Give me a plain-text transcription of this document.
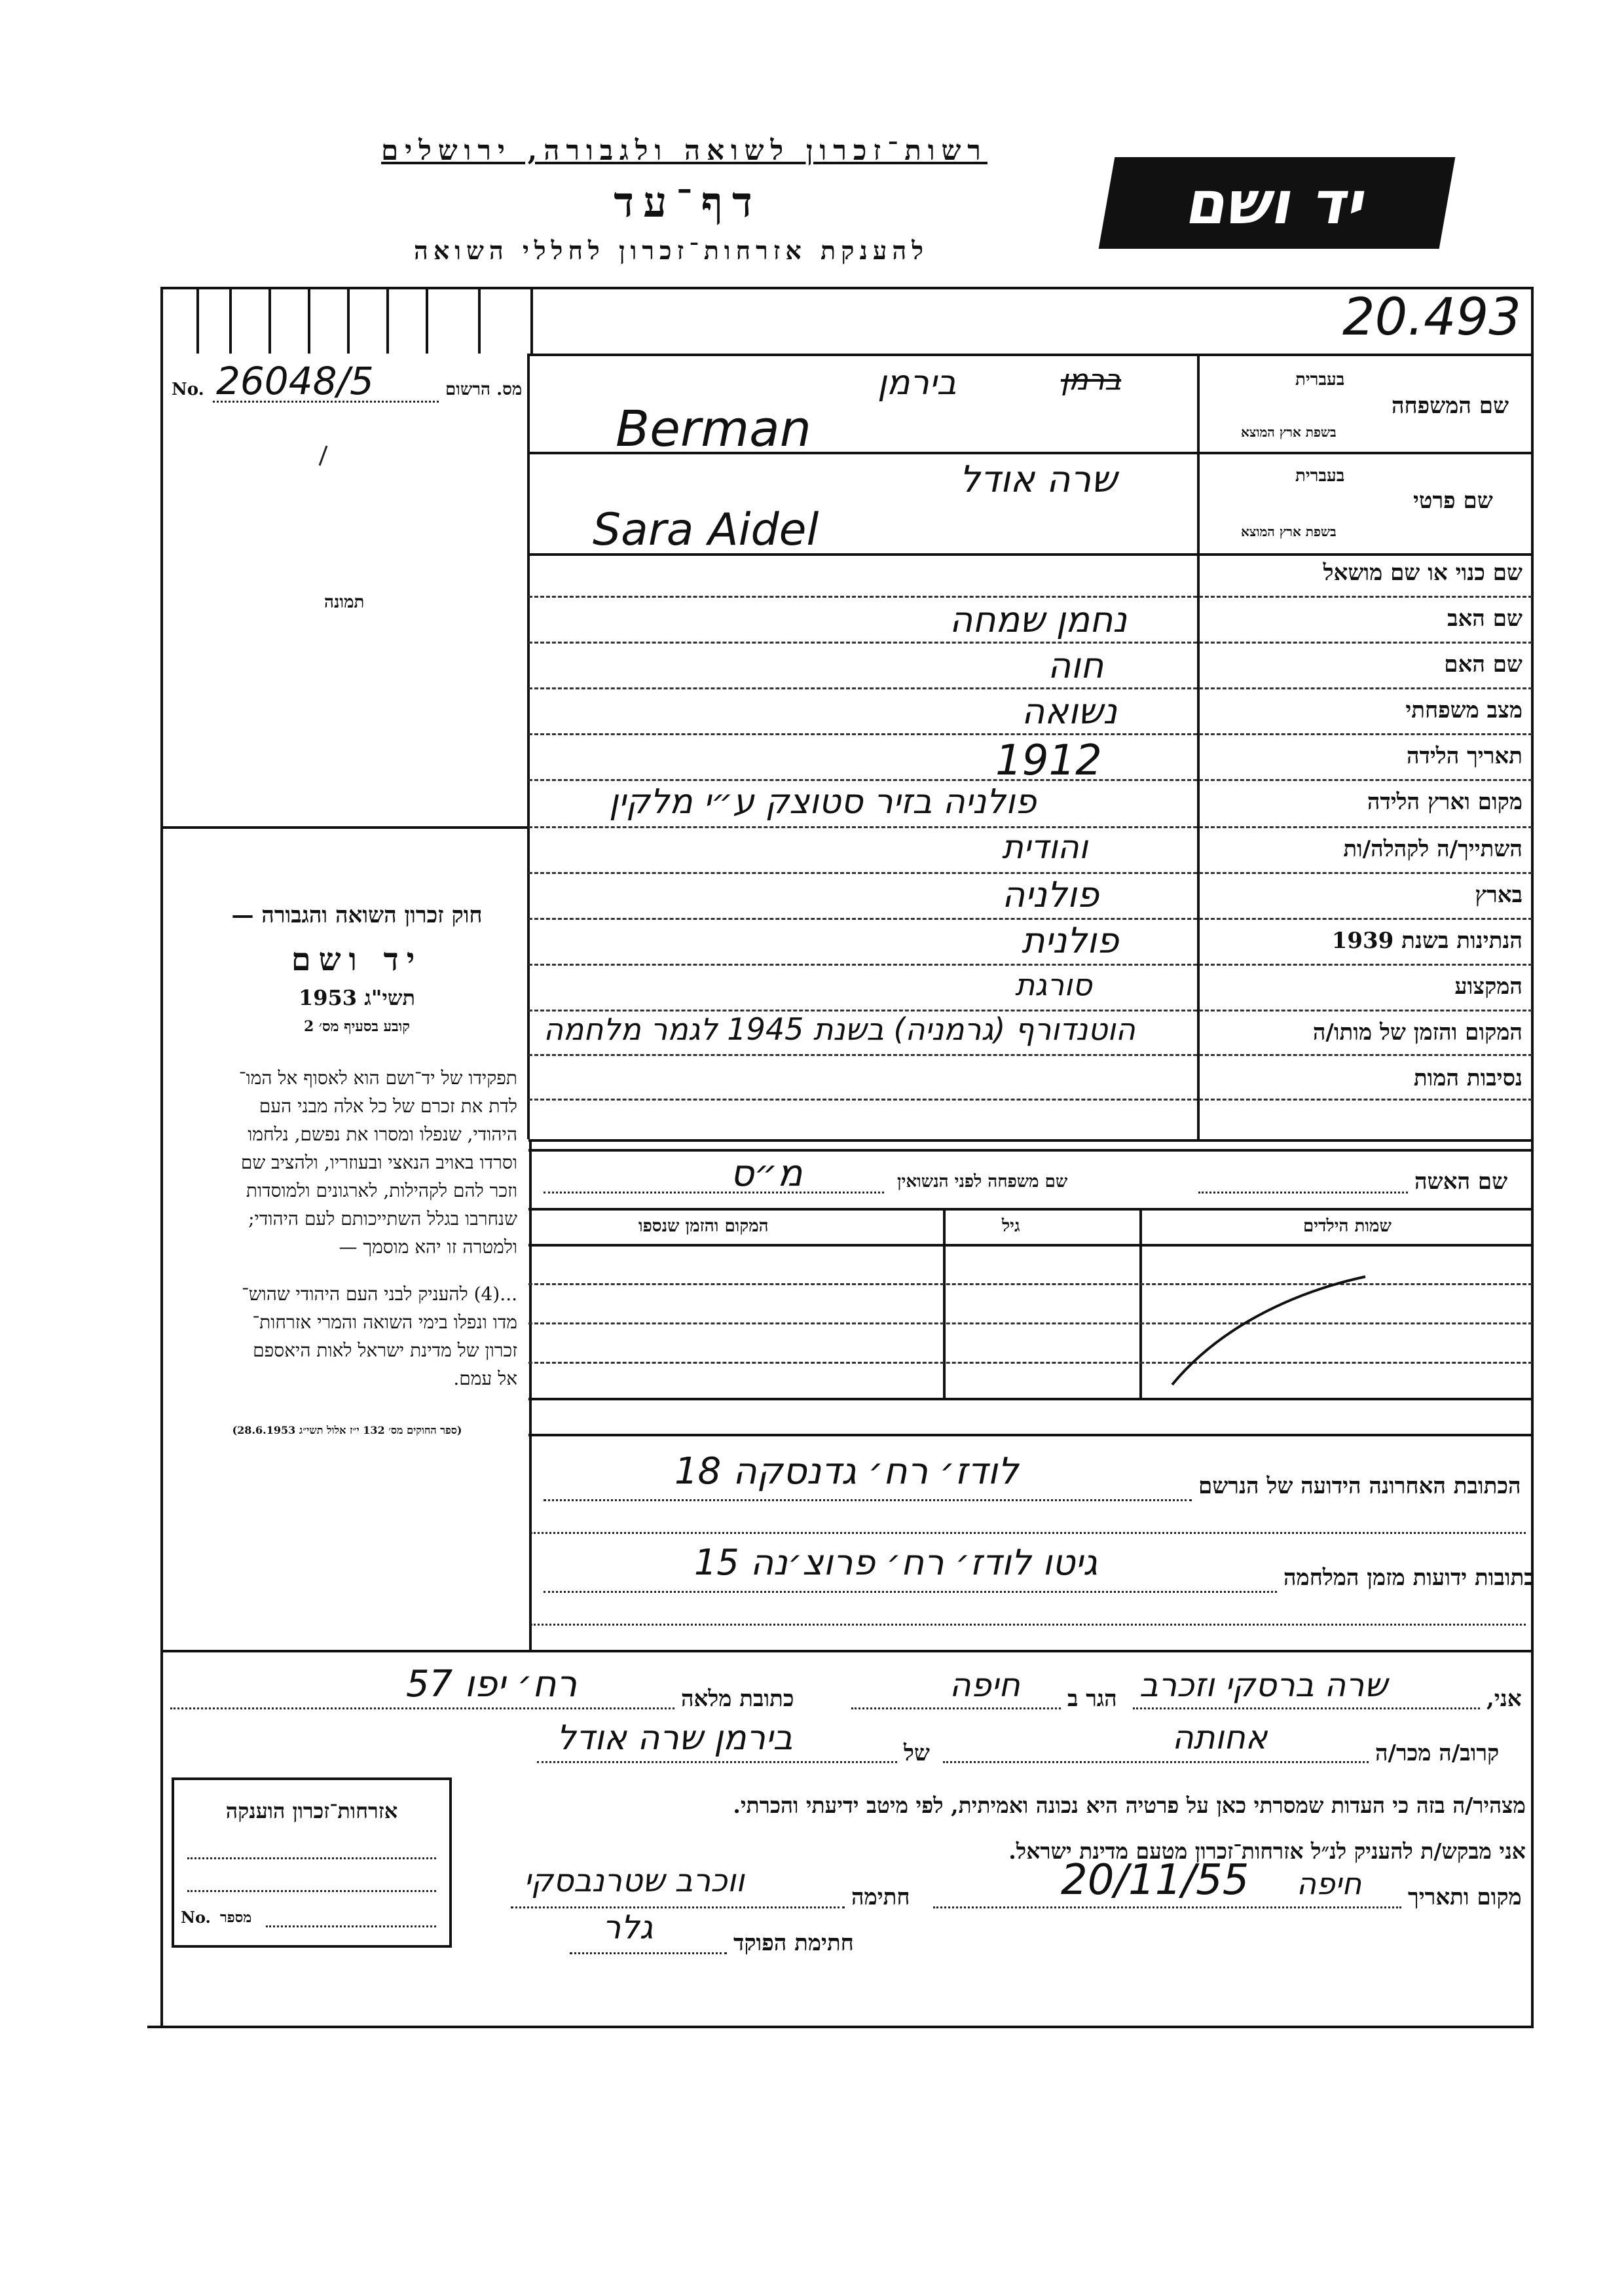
רשות־זכרון לשואה ולגבורה, ירושלים
דף־עד
להענקת אזרחות־זכרון לחללי השואה
יד ושם
20.493
מס. הרשום
No. 26048/5
תמונה
חוק זכרון השואה והגבורה —
יד ושם
תשי"ג 1953
קובע בסעיף מס׳ 2
תפקידו של יד־ושם הוא לאסוף אל המו־
לדת את זכרם של כל אלה מבני העם
היהודי, שנפלו ומסרו את נפשם, נלחמו
וסרדו באויב הנאצי ובעוזריו, ולהציב שם
וזכר להם לקהילות, לארגונים ולמוסדות
שנחרבו בגלל השתייכותם לעם היהודי;
ולמטרה זו יהא מוסמך —
...(4) להעניק לבני העם היהודי שהוש־
מדו ונפלו בימי השואה והמרי אזרחות־
זכרון של מדינת ישראל לאות היאספם
אל עמם.
(ספר החוקים מס׳ 132 י״ז אלול תשי״ג 28.6.1953)
שם המשפחה
בעברית
בשפת ארץ המוצא
בירמן	ברמן
Berman
שם פרטי
בעברית
בשפת ארץ המוצא
שרה אודל
Sara Aidel
שם כנוי או שם מושאל
שם האב
נחמן שמחה
שם האם
חוה
מצב משפחתי
נשואה
תאריך הלידה
1912
מקום וארץ הלידה
פולניה בזיר סטוצק ע״י מלקין
השתייך/ה לקהלה/ות
והודית
בארץ
פולניה
הנתינות בשנת 1939
פולנית
המקצוע
סורגת
המקום והזמן של מותו/ה
הוטנדורף (גרמניה) בשנת 1945 לגמר מלחמה
נסיבות המות
שם האשה
שם משפחה לפני הנשואין
מ״ס
שמות הילדים
גיל
המקום והזמן שנספו
הכתובת האחרונה הידועה של הנרשם
לודז׳ רח׳ גדנסקה 18
כתובות ידועות מזמן המלחמה
גיטו לודז׳ רח׳ פרוצ׳נה 15
אני,
שרה ברסקי וזכרב
הגר ב
חיפה
כתובת מלאה
רח׳ יפו 57
קרוב/ה מכר/ה
אחותה
של
בירמן שרה אודל
מצהיר/ה בזה כי העדות שמסרתי כאן על פרטיה היא נכונה ואמיתית, לפי מיטב ידיעתי והכרתי.
אני מבקש/ת להעניק לנ״ל אזרחות־זכרון מטעם מדינת ישראל.
מקום ותאריך
חיפה
20/11/55
חתימה
ווכרב שטרנבסקי
חתימת הפוקד
גלר
אזרחות־זכרון הוענקה
No. מספר
